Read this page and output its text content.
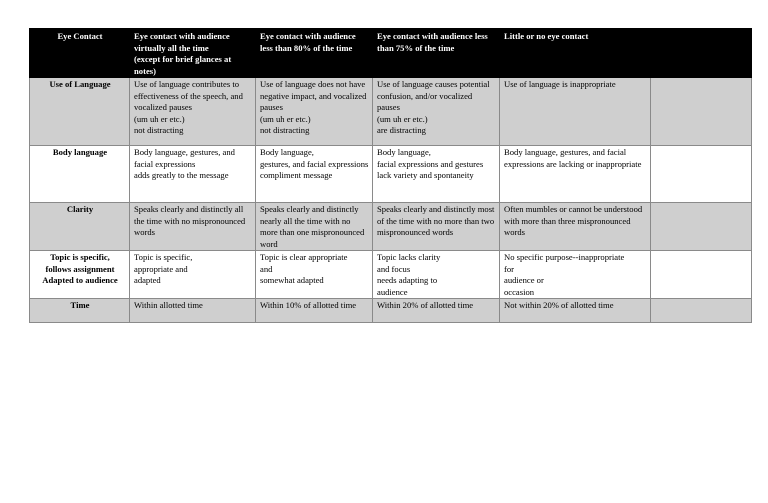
Eye Contact	Eye contact with audience virtually all the time
(except for brief glances at notes)	Eye contact with audience less than 80% of the time	Eye contact with audience less than 75% of the time	Little or no eye contact	

Use of Language	Use of language contributes to effectiveness of the speech, and vocalized pauses
(um uh er etc.)
not distracting	Use of language does not have negative impact, and vocalized pauses
(um uh er etc.)
not distracting	Use of language causes potential confusion, and/or vocalized pauses
(um uh er etc.)
are distracting	Use of language is inappropriate	

Body language	Body language, gestures, and facial expressions
adds greatly to the message	Body language,
gestures, and facial expressions compliment message	Body language,
facial expressions and gestures
lack variety and spontaneity	Body language, gestures, and facial expressions are lacking or inappropriate	

Clarity	Speaks clearly and distinctly all the time with no mispronounced words	Speaks clearly and distinctly nearly all the time with no more than one mispronounced word	Speaks clearly and distinctly most of the time with no more than two mispronounced words	Often mumbles or cannot be understood with more than three mispronounced words	

Topic is specific,
follows assignment
Adapted to audience	Topic is specific,
appropriate and
adapted	Topic is clear appropriate
and
somewhat adapted	Topic lacks clarity
and focus
needs adapting to
audience	No specific purpose--inappropriate
for
audience or
occasion	

Time	Within allotted time	Within 10% of allotted time	Within 20% of allotted time	Not within 20% of allotted time	
